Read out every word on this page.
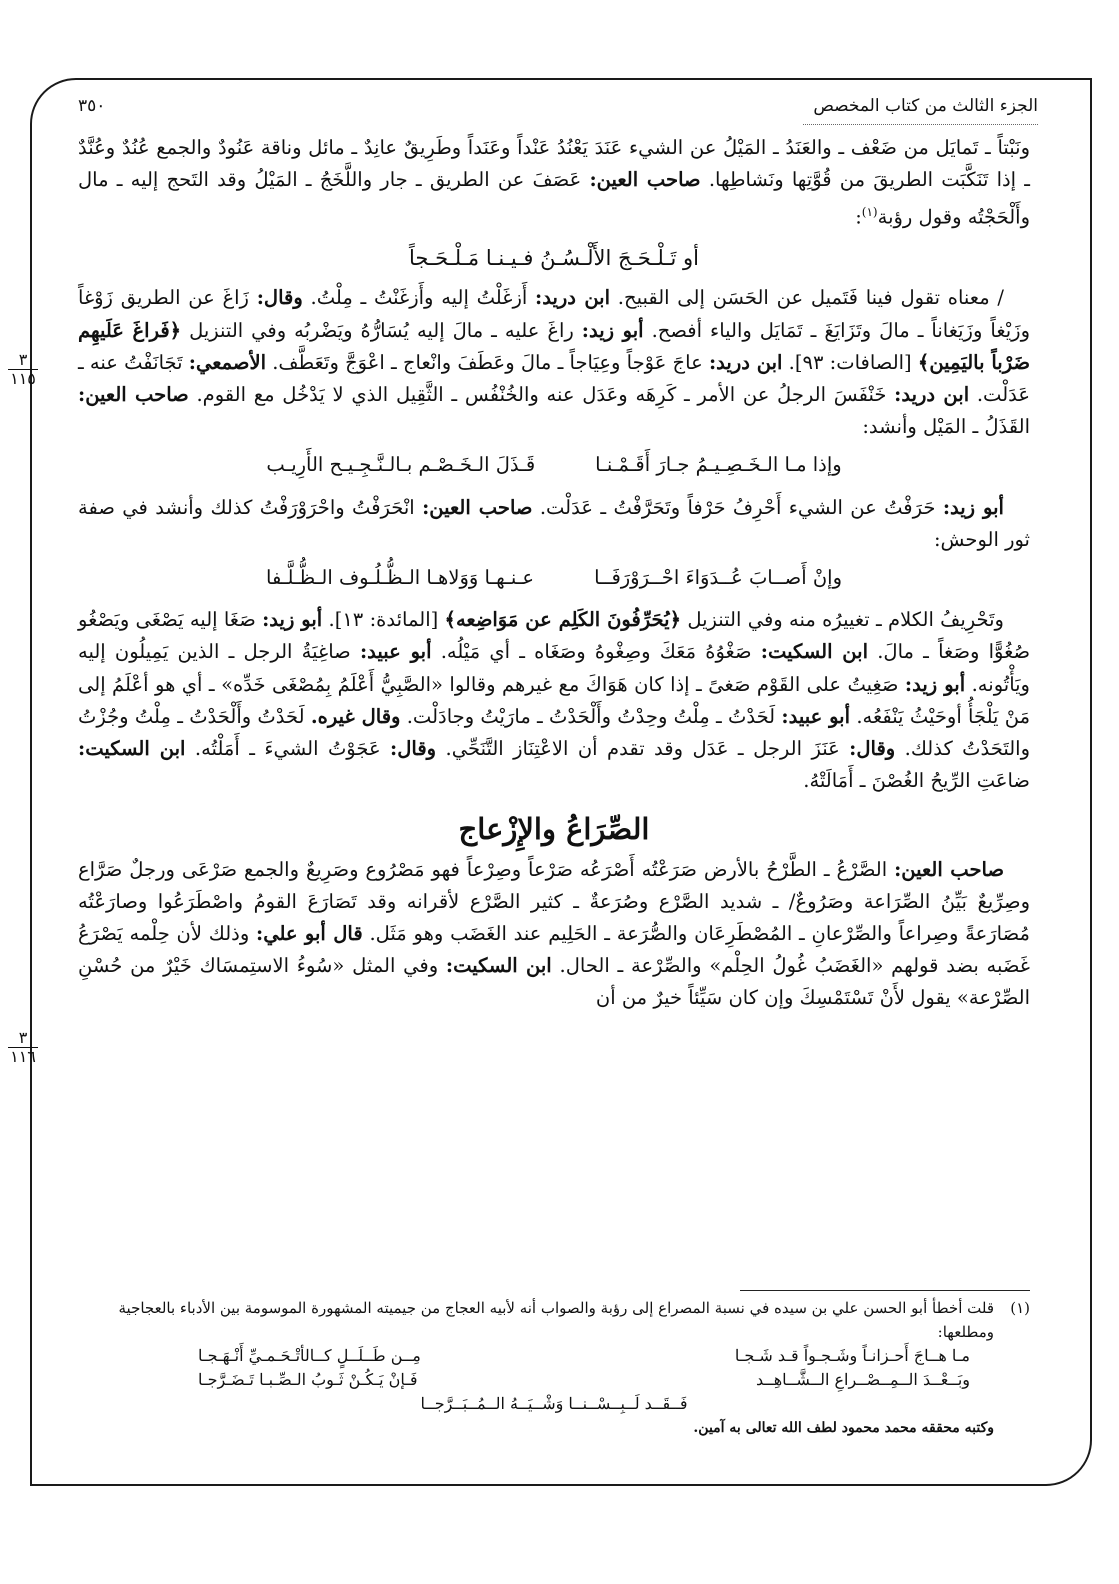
الجزء الثالث من كتاب المخصص
٣٥٠
٣
١١٥
٣
١١٦

ونَبْتاً ـ تَمايَل من ضَعْف ـ والعَنَدُ ـ المَيْلُ عن الشيء عَنَدَ يَعْنُدُ عَنْداً وعَنَداً وطَرِيقٌ عانِدٌ ـ مائل وناقة عَنُودٌ والجمع عُنُدٌ وعُنَّدٌ ـ إذا تَنَكَّبَت الطريقَ من قُوَّتِها ونَشاطِها. صاحب العين: عَصَفَ عن الطريق ـ جار واللَّخَجُ ـ المَيْلُ وقد التَحج إليه ـ مال وأَلْحَجْتُه وقول رؤبة$^{(١)}$:

أو تَـلْـحَـجَ الأَلْـسُـنُ فـيـنـا مَـلْـحَـجاً

/ معناه تقول فينا فَتَميل عن الحَسَن إلى القبيح. ابن دريد: أَزغَلْتُ إليه وأَزغَنْتُ ـ مِلْتُ. وقال: زَاغَ عن الطريق زَوْغاً وزَيْغاً وزَيَغاناً ـ مالَ وتَزَايَغَ ـ تَمَايَل والياء أفصح. أبو زيد: راغَ عليه ـ مالَ إليه يُسَارُّهُ ويَضْربُه وفي التنزيل ﴿فَراغَ عَلَيهِم ضَرْباً باليَمِين﴾ [الصافات: ٩٣]. ابن دريد: عاجَ عَوْجاً وعِيَاجاً ـ مالَ وعَطَفَ وانْعاج ـ اعْوَجَّ وتَعَطَّف. الأصمعي: تَجَانَفْتُ عنه ـ عَدَلْت. ابن دريد: خَنْفَسَ الرجلُ عن الأمر ـ كَرِهَه وعَدَل عنه والخُنْفُس ـ الثَّقِيل الذي لا يَدْخُل مع القوم. صاحب العين: القَذَلُ ـ المَيْل وأنشد:

وإذا مـا الـخَـصِـيـمُ جـارَ أَقَـمْـنـا
قَـذَلَ الـخَـصْـم بـالـنَّـجِـيـح الأَرِيـب

أبو زيد: حَرَفْتُ عن الشيء أَحْرِفُ حَرْفاً وتَحَرَّفْتُ ـ عَدَلْت. صاحب العين: انْحَرَفْتُ واحْرَوْرَفْتُ كذلك وأنشد في صفة ثور الوحش:

وإنْ أَصــابَ عُــدَوَاءَ احْــرَوْرَفَــا
عـنـهـا وَوَلاهـا الـظُّـلُـوف الـظُّـلَّـفا

وتَحْرِيفُ الكلام ـ تغييرُه منه وفي التنزيل ﴿يُحَرِّفُونَ الكَلِم عن مَوَاضِعه﴾ [المائدة: ١٣]. أبو زيد: صَغَا إليه يَصْغَى ويَصْغُو صُغُوًّا وصَغاً ـ مالَ. ابن السكيت: صَغْوُهُ مَعَكَ وصِغْوهُ وصَغَاه ـ أي مَيْلُه. أبو عبيد: صاغِيَةُ الرجل ـ الذين يَمِيلُون إليه ويَأْتُونه. أبو زيد: صَغِيتُ على القَوْم صَغىً ـ إذا كان هَوَاكَ مع غيرهم وقالوا «الصَّبِيُّ أَعْلَمُ بِمُصْغَى خَدِّه» ـ أي هو أعْلَمُ إلى مَنْ يَلْجَأُ أوحَيْثُ يَنْفَعُه. أبو عبيد: لَحَدْتُ ـ مِلْتُ وحِدْتُ وأَلْحَدْتُ ـ مارَيْتُ وجادَلْت. وقال غيره. لَحَدْتُ وأَلْحَدْتُ ـ مِلْتُ وجُزْتُ والتَحَدْتُ كذلك. وقال: عَنَزَ الرجل ـ عَدَل وقد تقدم أن الاعْتِنَاز التَّنَحِّي. وقال: عَجَوْتُ الشيءَ ـ أَمَلْتُه. ابن السكيت: ضاعَتِ الرِّيحُ الغُصْنَ ـ أَمَالَتْهُ.

الصِّرَاعُ والإِزْعاج

صاحب العين: الصَّرْعُ ـ الطَّرْحُ بالأرض صَرَعْتُه أَصْرَعُه صَرْعاً وصِرْعاً فهو مَصْرُوع وصَرِيعٌ والجمع صَرْعَى ورجلٌ صَرَّاع وصِرِّيعٌ بَيِّنُ الصِّرَاعة وصَرُوعٌ/ ـ شديد الصَّرْع وصُرَعةٌ ـ كثير الصَّرْع لأقرانه وقد تَصَارَعَ القومُ واصْطَرَعُوا وصارَعْتُه مُصَارَعةً وصِراعاً والصِّرْعانِ ـ المُصْطَرِعَان والصُّرَعة ـ الحَلِيم عند الغَضَب وهو مَثَل. قال أبو علي: وذلك لأن حِلْمه يَصْرَعُ غَضَبه بضد قولهم «الغَضَبُ غُولُ الحِلْم» والصِّرْعة ـ الحال. ابن السكيت: وفي المثل «سُوءُ الاستِمسَاك خَيْرٌ من حُسْنِ الصِّرْعة» يقول لأَنْ تَسْتَمْسِكَ وإن كان سَيِّئاً خيرٌ من أن

(١)
قلت أخطأ أبو الحسن علي بن سيده في نسبة المصراع إلى رؤبة والصواب أنه لأبيه العجاج من جيميته المشهورة الموسومة بين الأدباء بالعجاجية ومطلعها:
مـا هــاجَ أَحـزانـاً وشَـجـواً قـد شَـجـا
مِــن طَــلَــلٍ كــالأتْـحَـمـيِّ أَنْـهَـجـا
وبَــعْــدَ الــمِــصْــراعِ الــشَّــاهِــد
فَـإنْ يَـكُـنْ ثَـوبُ الـصِّـبـا تَـضَـرَّجـا
فَــقَــد لَــبِــسْــنــا وَشْــيَــهُ الــمُــبَــرَّجــا
وكتبه محققه محمد محمود لطف الله تعالى به آمين.
